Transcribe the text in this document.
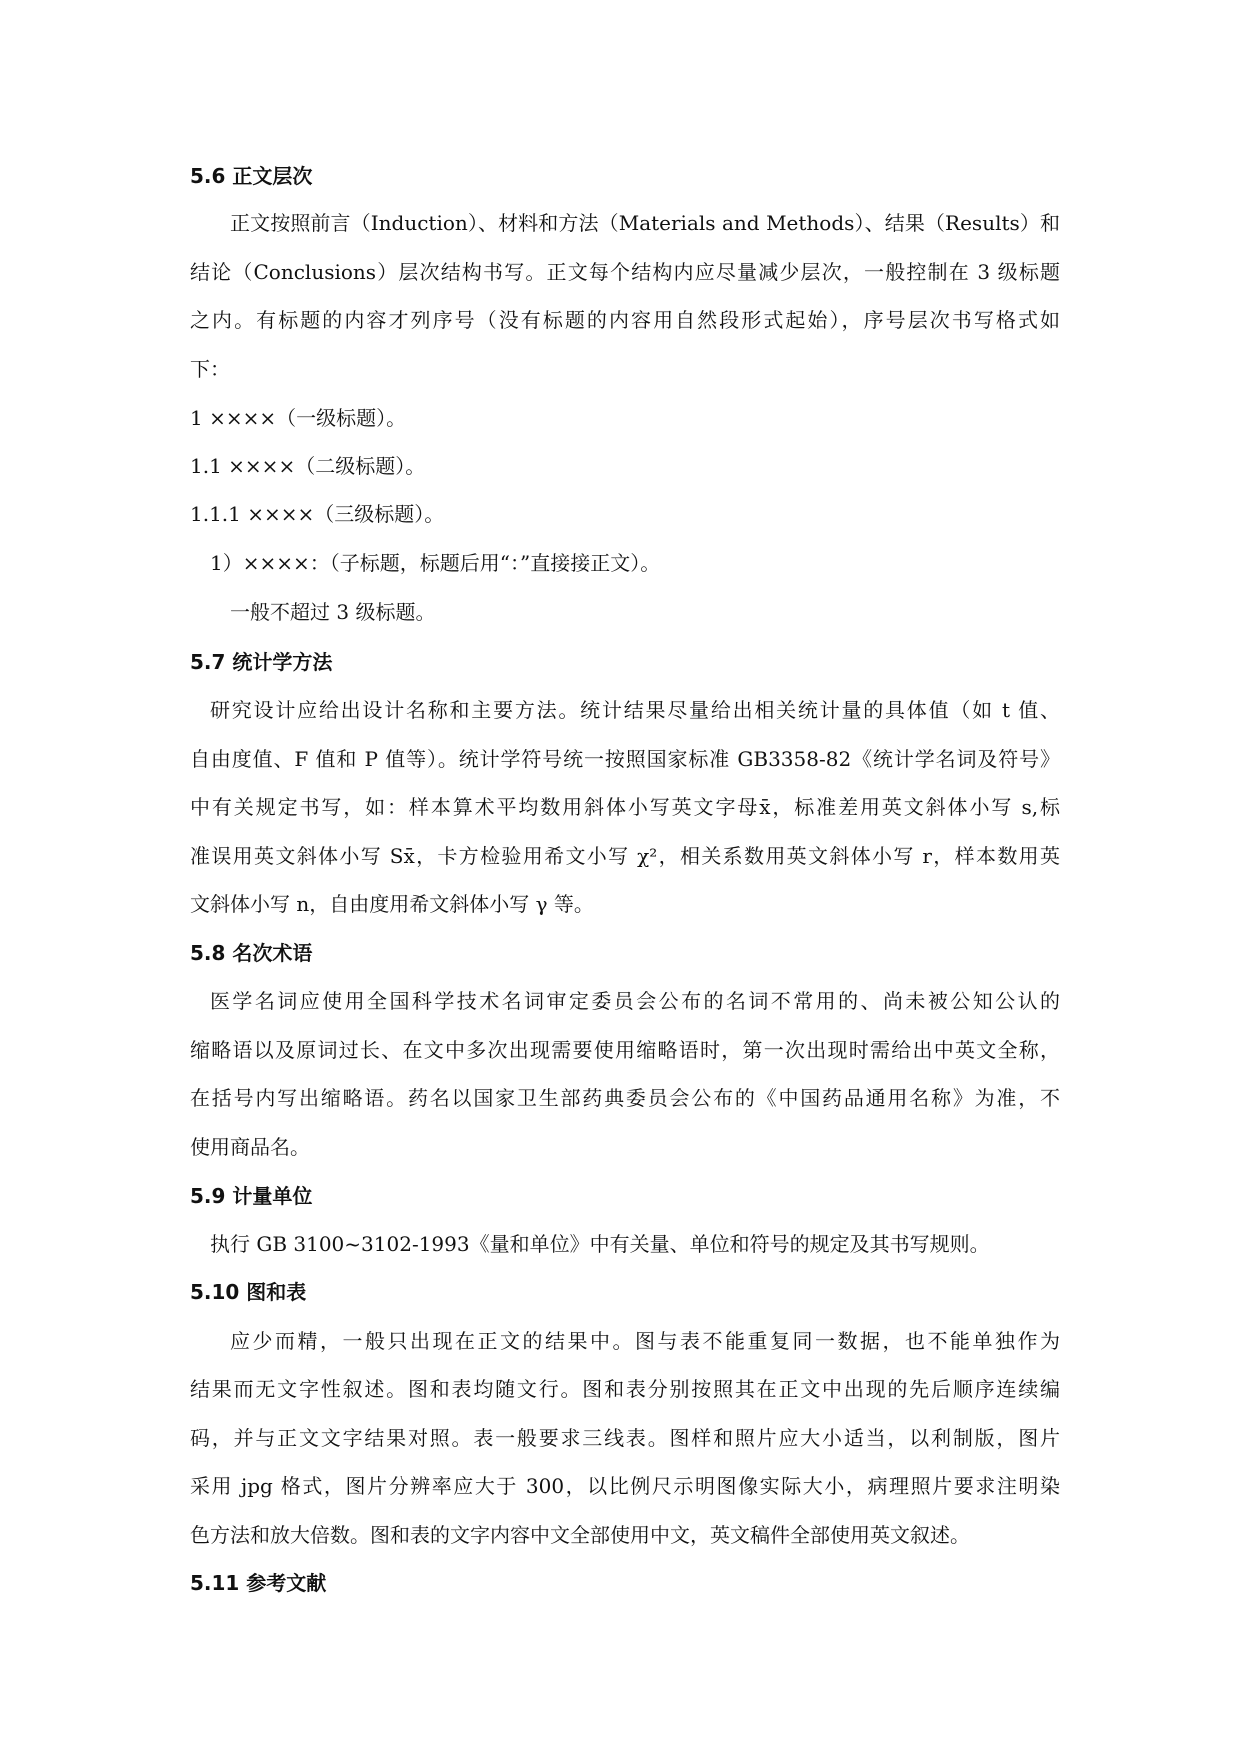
5.6 正文层次
正文按照前言（Induction）、材料和方法（Materials and Methods）、结果（Results）和
结论（Conclusions）层次结构书写。正文每个结构内应尽量减少层次，一般控制在 3 级标题
之内。有标题的内容才列序号（没有标题的内容用自然段形式起始），序号层次书写格式如
下：
1 ××××（一级标题）。
1.1 ××××（二级标题）。
1.1.1 ××××（三级标题）。
1）××××：（子标题，标题后用“：”直接接正文）。
一般不超过 3 级标题。
5.7 统计学方法
研究设计应给出设计名称和主要方法。统计结果尽量给出相关统计量的具体值（如 t 值、
自由度值、F 值和 P 值等）。统计学符号统一按照国家标准 GB3358-82《统计学名词及符号》
中有关规定书写，如：样本算术平均数用斜体小写英文字母x̄，标准差用英文斜体小写 s,标
准误用英文斜体小写 Sx̄，卡方检验用希文小写 χ²，相关系数用英文斜体小写 r，样本数用英
文斜体小写 n，自由度用希文斜体小写 γ 等。
5.8 名次术语
医学名词应使用全国科学技术名词审定委员会公布的名词不常用的、尚未被公知公认的
缩略语以及原词过长、在文中多次出现需要使用缩略语时，第一次出现时需给出中英文全称，
在括号内写出缩略语。药名以国家卫生部药典委员会公布的《中国药品通用名称》为准，不
使用商品名。
5.9 计量单位
执行 GB 3100~3102-1993《量和单位》中有关量、单位和符号的规定及其书写规则。
5.10 图和表
应少而精，一般只出现在正文的结果中。图与表不能重复同一数据，也不能单独作为
结果而无文字性叙述。图和表均随文行。图和表分别按照其在正文中出现的先后顺序连续编
码，并与正文文字结果对照。表一般要求三线表。图样和照片应大小适当，以利制版，图片
采用 jpg 格式，图片分辨率应大于 300，以比例尺示明图像实际大小，病理照片要求注明染
色方法和放大倍数。图和表的文字内容中文全部使用中文，英文稿件全部使用英文叙述。
5.11 参考文献
